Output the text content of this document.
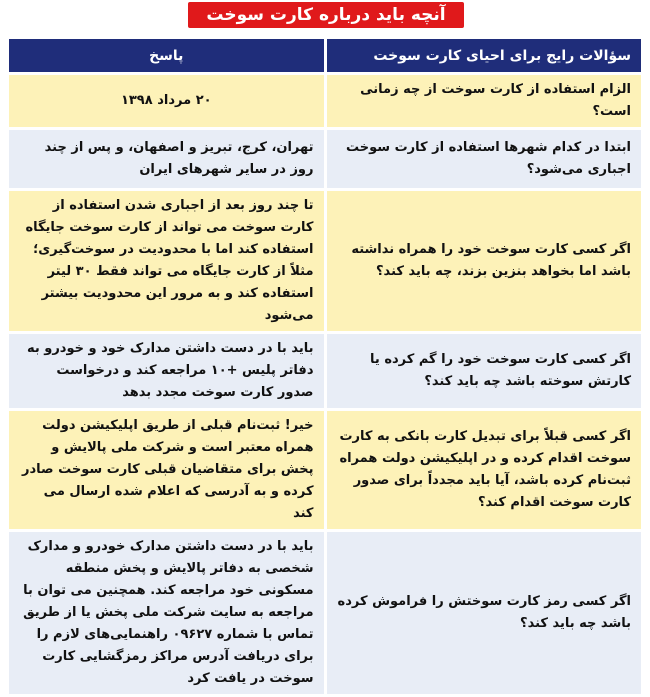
آنچه باید درباره کارت سوخت
سؤالات رایج برای احیای کارت سوخت	پاسخ
الزام استفاده از کارت سوخت از چه زمانی است؟	۲۰ مرداد ۱۳۹۸
ابتدا در کدام شهرها استفاده از کارت سوخت اجباری می‌شود؟	تهران، کرج، تبریز و اصفهان، و پس از چند روز در سایر شهرهای ایران
اگر کسی کارت سوخت خود را همراه نداشته باشد اما بخواهد بنزین بزند، چه باید کند؟	تا چند روز بعد از اجباری شدن استفاده از کارت سوخت می‌ تواند از کارت سوخت جایگاه استفاده کند اما با محدودیت در سوخت‌گیری؛ مثلاً از کارت جایگاه می‌ تواند فقط ۳۰ لیتر استفاده کند و به مرور این محدودیت بیشتر می‌شود
اگر کسی کارت سوخت خود را گم کرده یا کارتش سوخته باشد چه باید کند؟	باید با در دست داشتن مدارک خود و خودرو به دفاتر پلیس +۱۰ مراجعه کند و درخواست صدور کارت سوخت مجدد بدهد
اگر کسی قبلاً برای تبدیل کارت بانکی به کارت سوخت اقدام کرده و در اپلیکیشن دولت همراه ثبت‌نام کرده باشد، آیا باید مجدداً برای صدور کارت سوخت اقدام کند؟	خیر! ثبت‌نام قبلی از طریق اپلیکیشن دولت همراه معتبر است و شرکت ملی پالایش و پخش برای متقاضیان قبلی کارت سوخت صادر کرده و به آدرسی که اعلام شده ارسال می‌ کند
اگر کسی رمز کارت سوختش را فراموش کرده باشد چه باید کند؟	باید با در دست داشتن مدارک خودرو و مدارک شخصی به دفاتر پالایش و پخش منطقه مسکونی خود مراجعه کند. همچنین می‌ توان با مراجعه به سایت شرکت ملی پخش یا از طریق تماس با شماره ۰۹۶۲۷ راهنمایی‌های لازم را برای دریافت آدرس مراکز رمزگشایی کارت سوخت در یافت کرد
